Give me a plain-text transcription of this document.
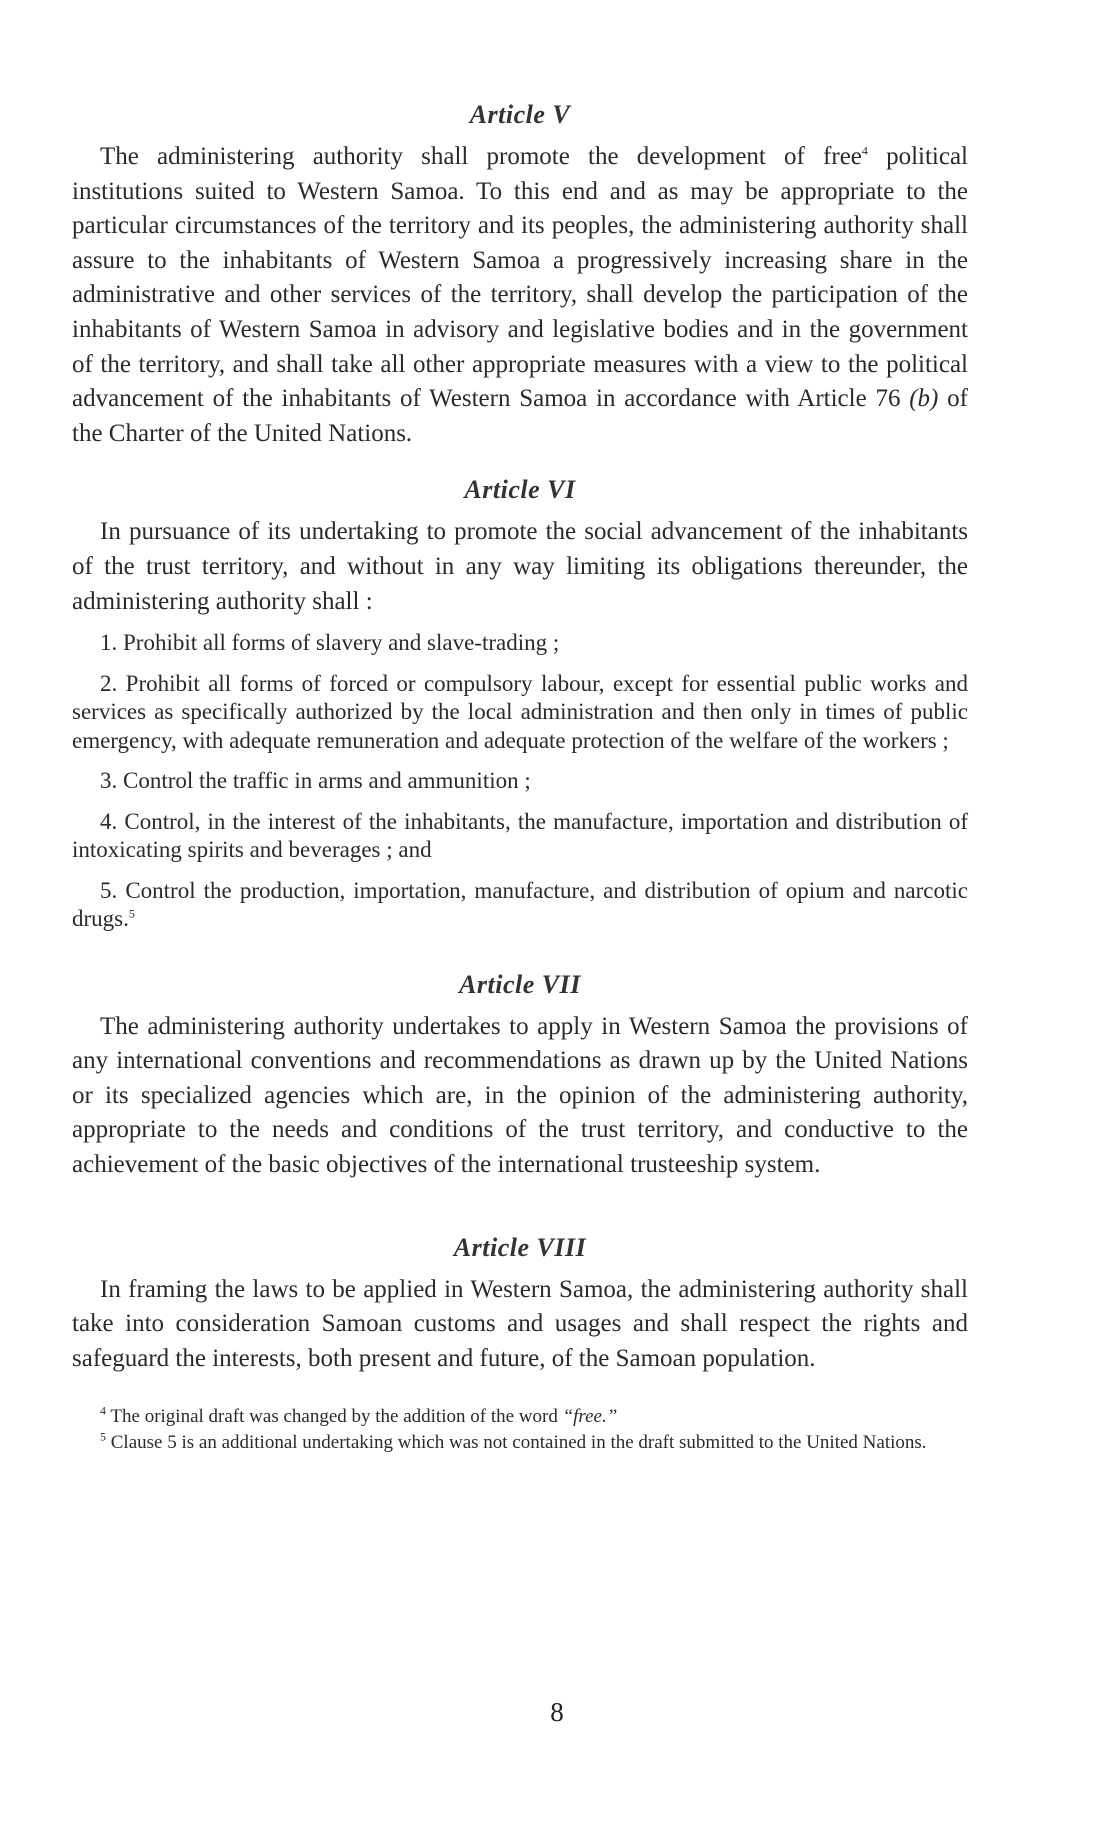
Article V

The administering authority shall promote the development of free$^4$ political institutions suited to Western Samoa. To this end and as may be appropriate to the particular circumstances of the territory and its peoples, the administering authority shall assure to the inhabitants of Western Samoa a progressively increasing share in the administrative and other services of the territory, shall develop the participation of the inhabitants of Western Samoa in advisory and legislative bodies and in the government of the territory, and shall take all other appropriate measures with a view to the political advancement of the inhabitants of Western Samoa in accordance with Article 76 (b) of the Charter of the United Nations.

Article VI

In pursuance of its undertaking to promote the social advancement of the inhabitants of the trust territory, and without in any way limiting its obligations thereunder, the administering authority shall :

1. Prohibit all forms of slavery and slave-trading ;
2. Prohibit all forms of forced or compulsory labour, except for essential public works and services as specifically authorized by the local administration and then only in times of public emergency, with adequate remuneration and adequate protection of the welfare of the workers ;
3. Control the traffic in arms and ammunition ;
4. Control, in the interest of the inhabitants, the manufacture, importation and distribution of intoxicating spirits and beverages ; and
5. Control the production, importation, manufacture, and distribution of opium and narcotic drugs.$^5$
Article VII

The administering authority undertakes to apply in Western Samoa the provisions of any international conventions and recommendations as drawn up by the United Nations or its specialized agencies which are, in the opinion of the administering authority, appropriate to the needs and conditions of the trust territory, and conductive to the achievement of the basic objectives of the international trusteeship system.

Article VIII

In framing the laws to be applied in Western Samoa, the administering authority shall take into consideration Samoan customs and usages and shall respect the rights and safeguard the interests, both present and future, of the Samoan population.

$^4$ The original draft was changed by the addition of the word “free.”

$^5$ Clause 5 is an additional undertaking which was not contained in the draft submitted to the United Nations.

8
